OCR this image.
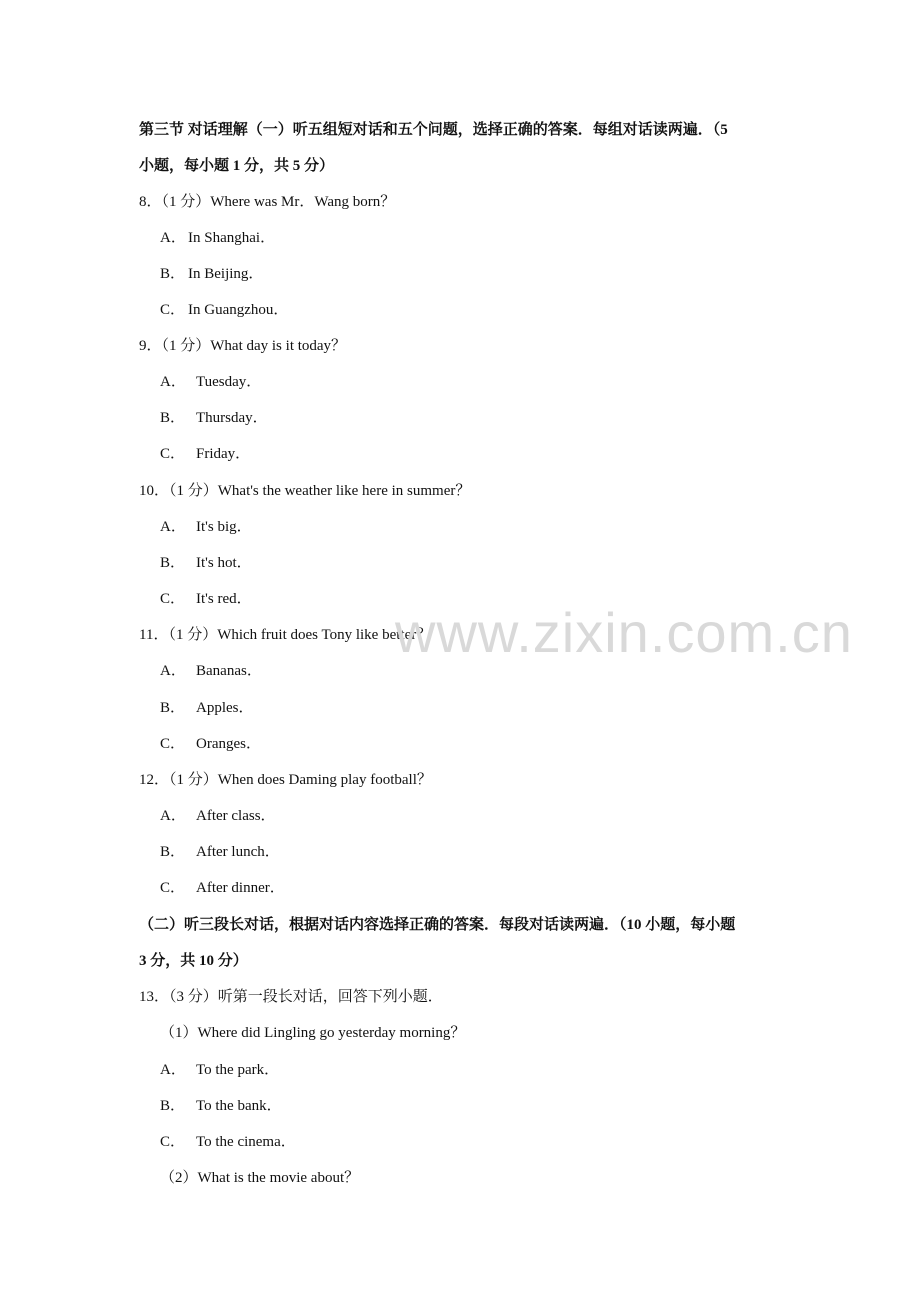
第三节 对话理解（一）听五组短对话和五个问题，选择正确的答案．每组对话读两遍．（5
小题，每小题 1 分，共 5 分）
8．（1 分）Where was Mr．Wang born？
A． In Shanghai．
B． In Beijing．
C． In Guangzhou．
9．（1 分）What day is it today？
A． Tuesday．
B． Thursday．
C． Friday．
10．（1 分）What's the weather like here in summer？
A． It's big．
B． It's hot．
C． It's red．
11．（1 分）Which fruit does Tony like better？
A． Bananas．
B． Apples．
C． Oranges．
12．（1 分）When does Daming play football？
A． After class．
B． After lunch．
C． After dinner．
（二）听三段长对话，根据对话内容选择正确的答案．每段对话读两遍．（10 小题，每小题
3 分，共 10 分）
13．（3 分）听第一段长对话，回答下列小题．
（1）Where did Lingling go yesterday morning？
A． To the park．
B． To the bank．
C． To the cinema．
（2）What is the movie about？
www.zixin.com.cn
